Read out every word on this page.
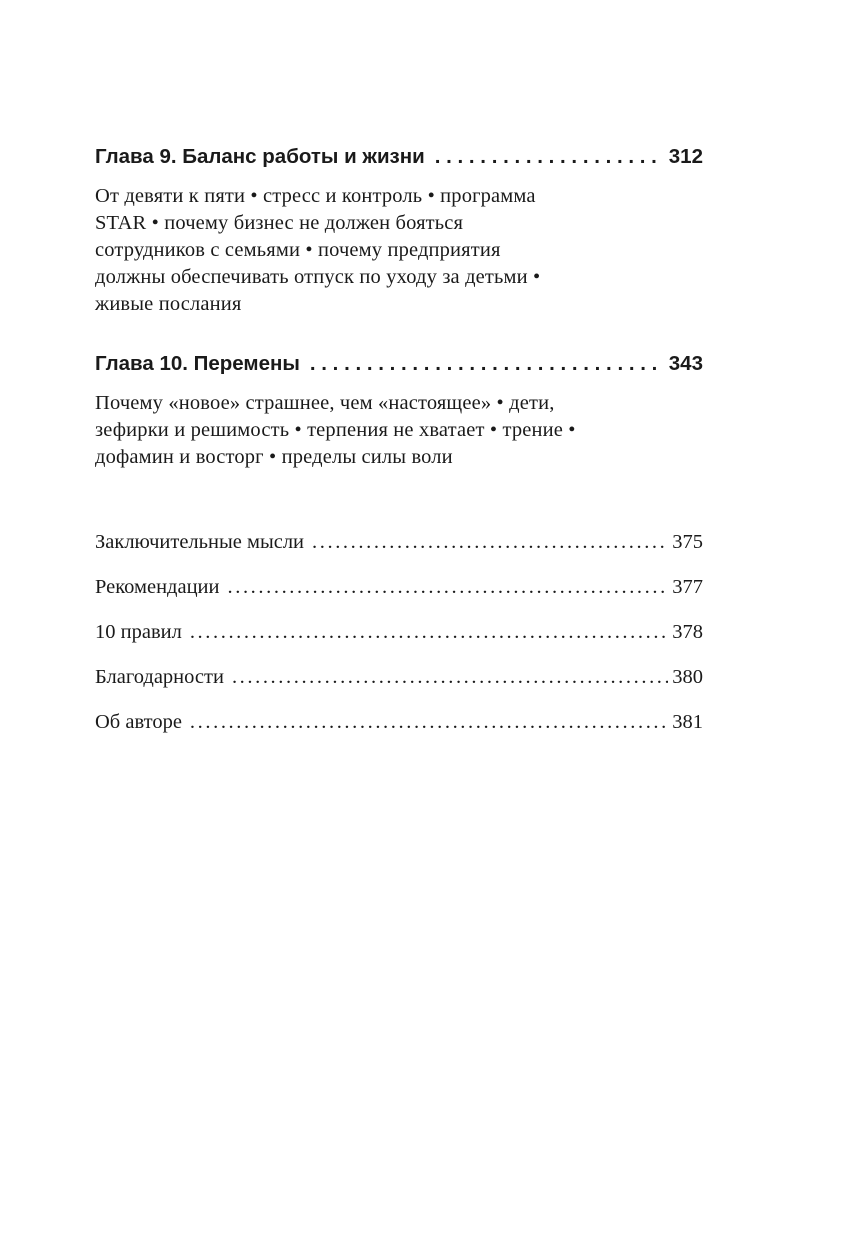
Глава 9. Баланс работы и жизни . . .	312

От девяти к пяти • стресс и контроль • программа
STAR • почему бизнес не должен бояться
сотрудников с семьями • почему предприятия
должны обеспечивать отпуск по уходу за детьми •
живые послания

Глава 10. Перемены . . .	343

Почему «новое» страшнее, чем «настоящее» • дети,
зефирки и решимость • терпения не хватает • трение •
дофамин и восторг • пределы силы воли

Заключительные мысли .....	375
Рекомендации .....	377
10 правил .....	378
Благодарности .....	380
Об авторе .....	381
